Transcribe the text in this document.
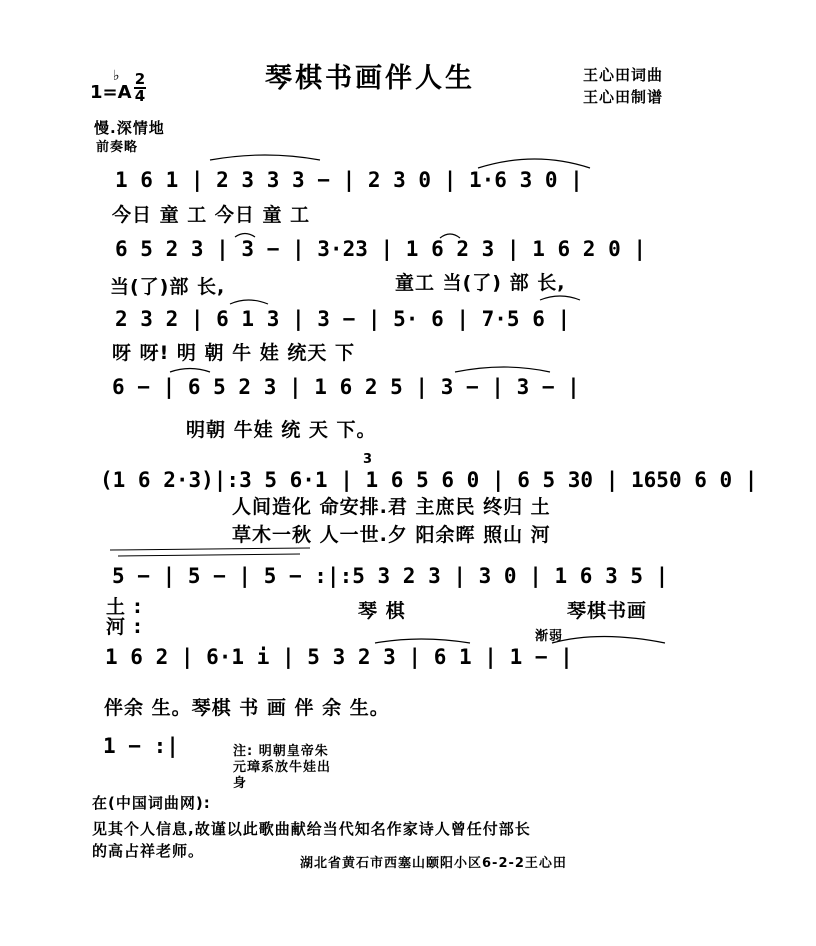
琴棋书画伴人生	王心田词曲
王心田制谱
♭
1=A
2
4
慢.深情地
前奏略
1 6 1 | 2 3 3 3 − | 2 3 0 | 1·6 3 0 |
今日 童 工 今日 童 工
6 5 2 3 | 3 − | 3·23 | 1 6 2 3 | 1 6 2 0 |
当(了)部 长,	童工 当(了) 部 长,
2 3 2 | 6 1 3 | 3 − | 5· 6 | 7·5 6 |
呀 呀! 明 朝 牛 娃 统天 下
6 − | 6 5 2 3 | 1 6 2 5 | 3 − | 3 − |
明朝 牛娃 统 天 下。
(1 6 2·3)|:3 5 6·1 | 1 6 5 6 0 | 6 5 30 | 1650 6 0 |
人间造化 命安排.君 主庶民 终归 土
草木一秋 人一世.夕 阳余晖 照山 河
5 − | 5 − | 5 − :|:5 3 2 3 | 3 0 | 1 6 3 5 |
土 :
河 :
琴 棋	琴棋书画
渐弱
1 6 2 | 6·1 i | 5 3 2 3 | 6 1 | 1 − |
伴余 生。琴棋 书 画 伴 余 生。
1 − :|	注: 明朝皇帝朱
元璋系放牛娃出
身
在(中国词曲网):
见其个人信息,故谨以此歌曲献给当代知名作家诗人曾任付部长
的高占祥老师。
湖北省黄石市西塞山颐阳小区6-2-2王心田
3
